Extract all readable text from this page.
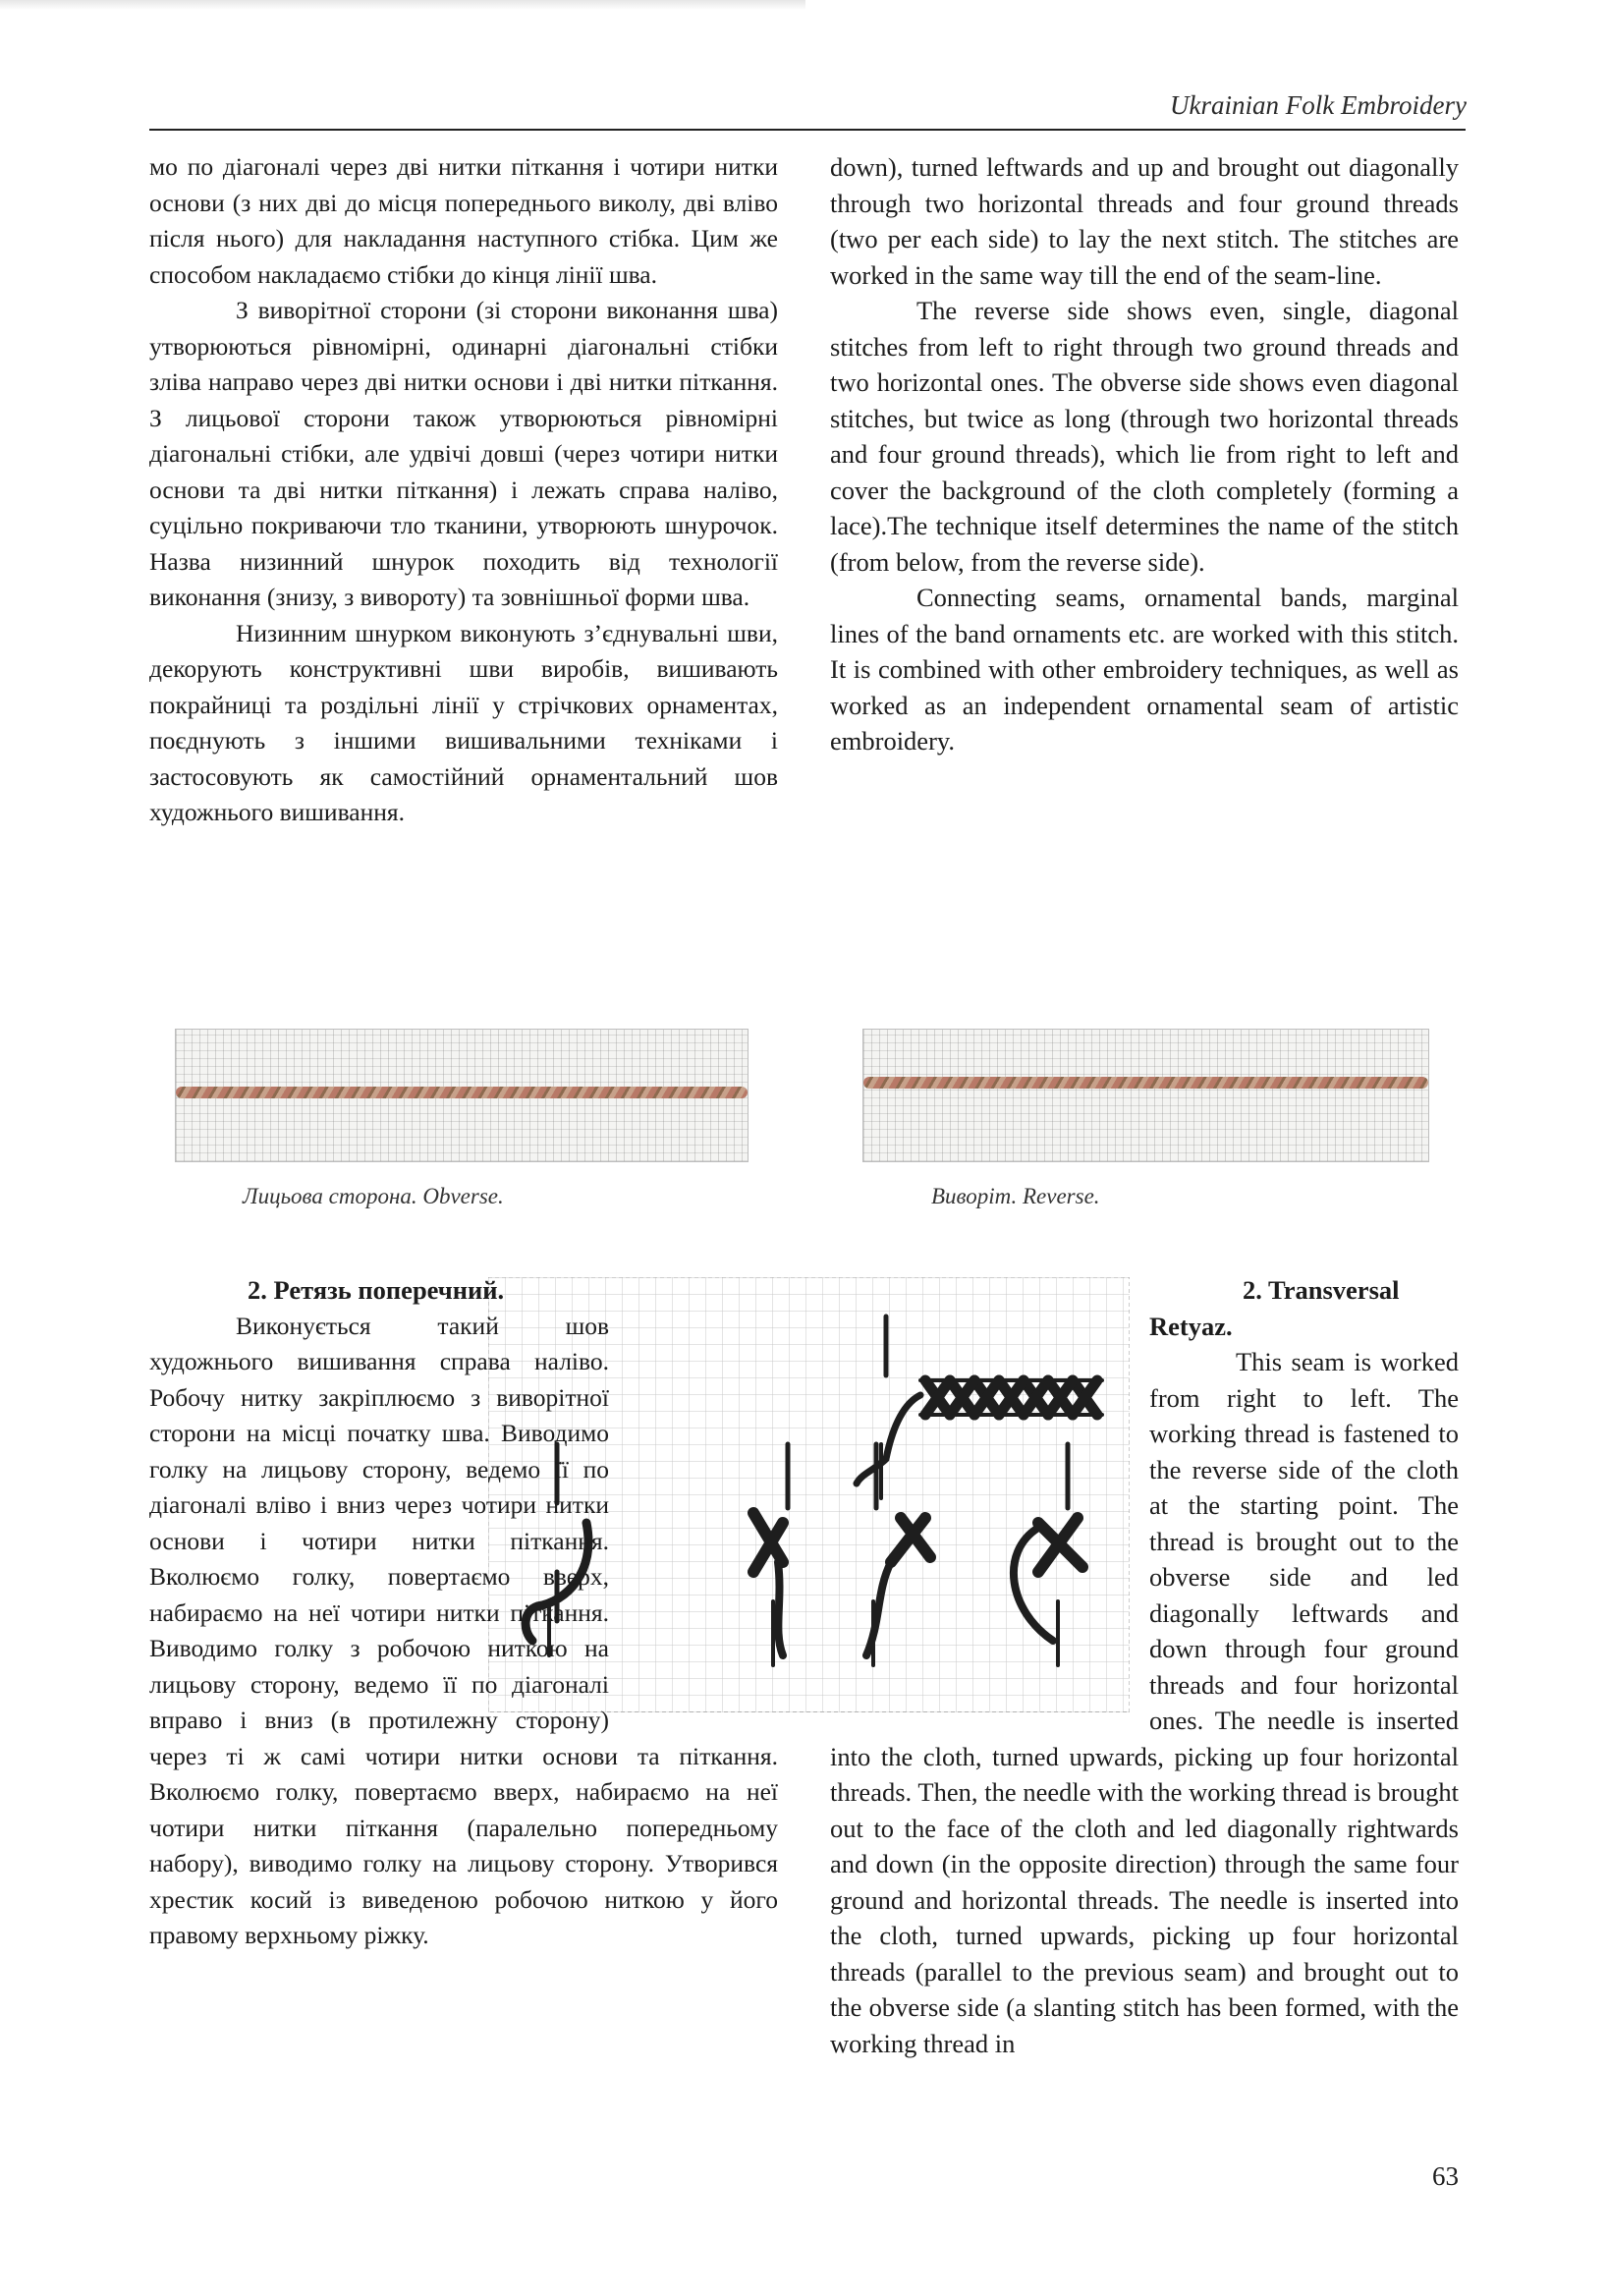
Ukrainian Folk Embroidery

мо по діагоналі через дві нитки піткання і чотири нитки основи (з них дві до місця попереднього виколу, дві вліво після нього) для накладання наступного стібка. Цим же способом накладаємо стібки до кінця лінії шва.

З виворітної сторони (зі сторони виконання шва) утворюються рівномірні, одинарні діагональні стібки зліва направо через дві нитки основи і дві нитки піткання. З лицьової сторони також утворюються рівномірні діагональні стібки, але удвічі довші (через чотири нитки основи та дві нитки піткання) і лежать справа наліво, суцільно покриваючи тло тканини, утворюють шнурочок. Назва низинний шнурок походить від технології виконання (знизу, з вивороту) та зовнішньої форми шва.

Низинним шнурком виконують з’єднувальні шви, декорують конструктивні шви виробів, вишивають покрайниці та роздільні лінії у стрічкових орнаментах, поєднують з іншими вишивальними техніками і застосовують як самостійний орнаментальний шов художнього вишивання.

down), turned leftwards and up and brought out diagonally through two horizontal threads and four ground threads (two per each side) to lay the next stitch. The stitches are worked in the same way till the end of the seam-line.

The reverse side shows even, single, diagonal stitches from left to right through two ground threads and two horizontal ones. The obverse side shows even diagonal stitches, but twice as long (through two horizontal threads and four ground threads), which lie from right to left and cover the background of the cloth completely (forming a lace).The technique itself determines the name of the stitch (from below, from the reverse side).

Connecting seams, ornamental bands, marginal lines of the band ornaments etc. are worked with this stitch. It is combined with other embroidery techniques, as well as worked as an independent ornamental seam of artistic embroidery.

Лицьова сторона. Obverse.	Виворіт. Reverse.
2. Ретязь поперечний.

Виконується такий шов художнього вишивання справа наліво. Робочу нитку закріплюємо з виворітної сторони на місці початку шва. Виводимо голку на лицьову сторону, ведемо її по діагоналі вліво і вниз через чотири нитки основи і чотири нитки піткання. Вколюємо голку, повертаємо вверх, набираємо на неї чотири нитки піткання. Виводимо голку з робочою ниткою на лицьову сторону, ведемо її по діагоналі вправо і вниз (в протилежну сторону) через ті ж самі чотири нитки основи та піткання. Вколюємо голку, повертаємо вверх, набираємо на неї чотири нитки піткання (паралельно попередньому набору), виводимо голку на лицьову сторону. Утворився хрестик косий із виведеною робочою ниткою у його правому верхньому ріжку.

2. Transversal Retyaz.

This seam is worked from right to left. The working thread is fastened to the reverse side of the cloth at the starting point. The thread is brought out to the obverse side and led diagonally leftwards and down through four ground threads and four horizontal ones. The needle is inserted into the cloth, turned upwards, picking up four horizontal threads. Then, the needle with the working thread is brought out to the face of the cloth and led diagonally rightwards and down (in the opposite direction) through the same four ground and horizontal threads. The needle is inserted into the cloth, turned upwards, picking up four horizontal threads (parallel to the previous seam) and brought out to the obverse side (a slanting stitch has been formed, with the working thread in

63
